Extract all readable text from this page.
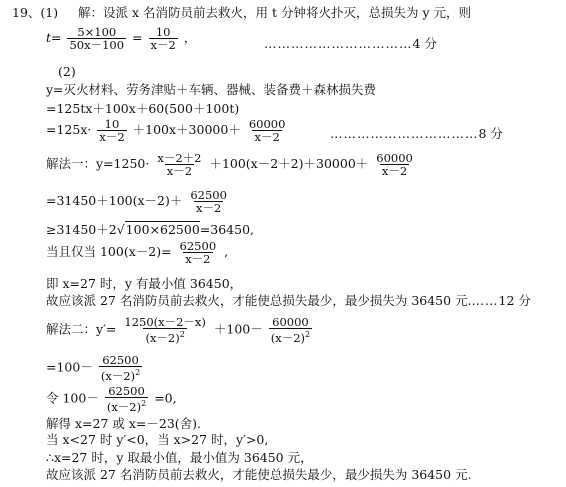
19、(1) 解：设派 x 名消防员前去救火，用 t 分钟将火扑灭，总损失为 y 元，则
$t= \frac{5\times 100}{50x-100} = \frac{10}{x-2}$ ，	……………………………4 分
(2)
y=灭火材料、劳务津贴＋车辆、器械、装备费＋森林损失费
=125tx＋100x＋60(500＋100t)
$=125x\cdot \frac{10}{x-2} +100x+30000+ \frac{60000}{x-2}$	……………………………8 分
解法一：$y=1250\cdot \frac{x-2+2}{x-2} +100(x-2+2)+30000+ \frac{60000}{x-2}$
$=31450+100(x-2)+ \frac{62500}{x-2}$
≥31450＋2√100×62500=36450,
当且仅当 $100(x-2)= \frac{62500}{x-2}$ ,
即 x=27 时，y 有最小值 36450，
故应该派 27 名消防员前去救火，才能使总损失最少，最少损失为 36450 元.……12 分
解法二：$y'= \frac{1250(x-2-x)}{(x-2)^2} +100- \frac{60000}{(x-2)^2}$
$=100- \frac{62500}{(x-2)^2}$
令 $100- \frac{62500}{(x-2)^2} =0$,
解得 x=27 或 x=－23(舍).
当 x<27 时 y′<0，当 x>27 时，y′>0,
∴x=27 时，y 取最小值，最小值为 36450 元，
故应该派 27 名消防员前去救火，才能使总损失最少，最少损失为 36450 元.
